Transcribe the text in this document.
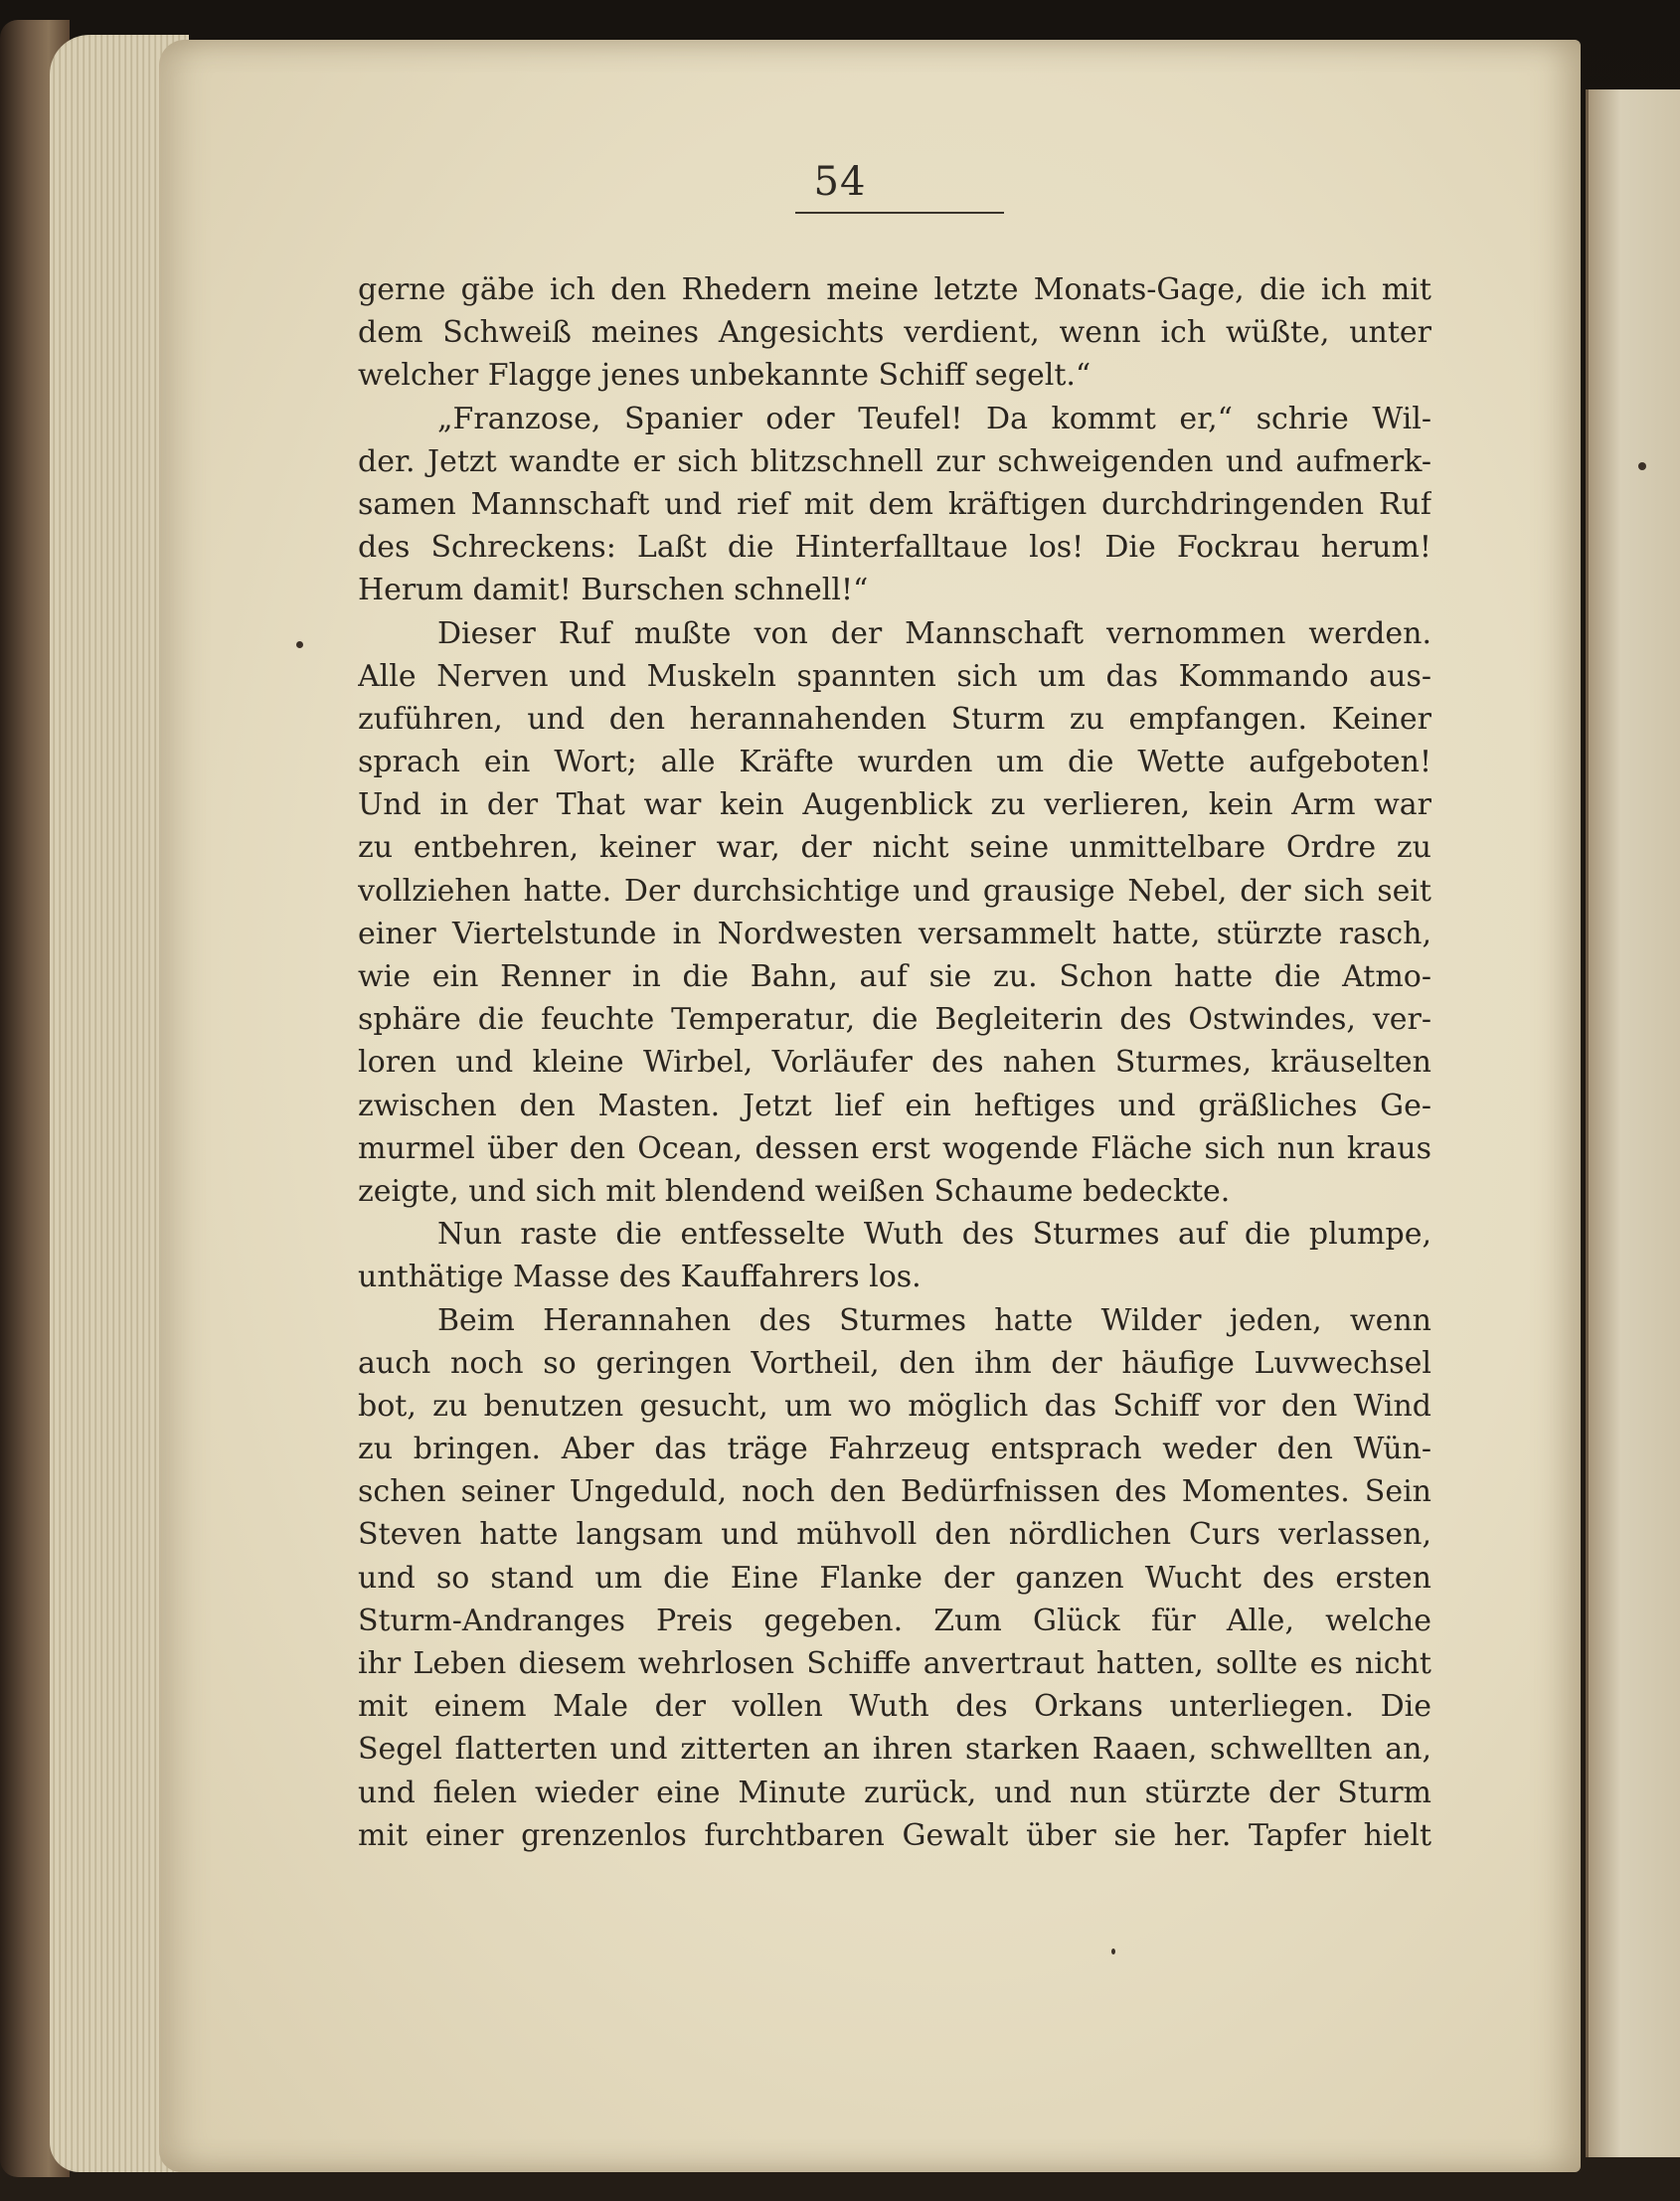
54
gerne gäbe ich den Rhedern meine letzte Monats-Gage, die ich mit
dem Schweiß meines Angesichts verdient, wenn ich wüßte, unter
welcher Flagge jenes unbekannte Schiff segelt.“
„Franzose, Spanier oder Teufel! Da kommt er,“ schrie Wil-
der. Jetzt wandte er sich blitzschnell zur schweigenden und aufmerk-
samen Mannschaft und rief mit dem kräftigen durchdringenden Ruf
des Schreckens: Laßt die Hinterfalltaue los! Die Fockrau herum!
Herum damit! Burschen schnell!“
Dieser Ruf mußte von der Mannschaft vernommen werden.
Alle Nerven und Muskeln spannten sich um das Kommando aus-
zuführen, und den herannahenden Sturm zu empfangen. Keiner
sprach ein Wort; alle Kräfte wurden um die Wette aufgeboten!
Und in der That war kein Augenblick zu verlieren, kein Arm war
zu entbehren, keiner war, der nicht seine unmittelbare Ordre zu
vollziehen hatte. Der durchsichtige und grausige Nebel, der sich seit
einer Viertelstunde in Nordwesten versammelt hatte, stürzte rasch,
wie ein Renner in die Bahn, auf sie zu. Schon hatte die Atmo-
sphäre die feuchte Temperatur, die Begleiterin des Ostwindes, ver-
loren und kleine Wirbel, Vorläufer des nahen Sturmes, kräuselten
zwischen den Masten. Jetzt lief ein heftiges und gräßliches Ge-
murmel über den Ocean, dessen erst wogende Fläche sich nun kraus
zeigte, und sich mit blendend weißen Schaume bedeckte.
Nun raste die entfesselte Wuth des Sturmes auf die plumpe,
unthätige Masse des Kauffahrers los.
Beim Herannahen des Sturmes hatte Wilder jeden, wenn
auch noch so geringen Vortheil, den ihm der häufige Luvwechsel
bot, zu benutzen gesucht, um wo möglich das Schiff vor den Wind
zu bringen. Aber das träge Fahrzeug entsprach weder den Wün-
schen seiner Ungeduld, noch den Bedürfnissen des Momentes. Sein
Steven hatte langsam und mühvoll den nördlichen Curs verlassen,
und so stand um die Eine Flanke der ganzen Wucht des ersten
Sturm-Andranges Preis gegeben. Zum Glück für Alle, welche
ihr Leben diesem wehrlosen Schiffe anvertraut hatten, sollte es nicht
mit einem Male der vollen Wuth des Orkans unterliegen. Die
Segel flatterten und zitterten an ihren starken Raaen, schwellten an,
und fielen wieder eine Minute zurück, und nun stürzte der Sturm
mit einer grenzenlos furchtbaren Gewalt über sie her. Tapfer hielt
